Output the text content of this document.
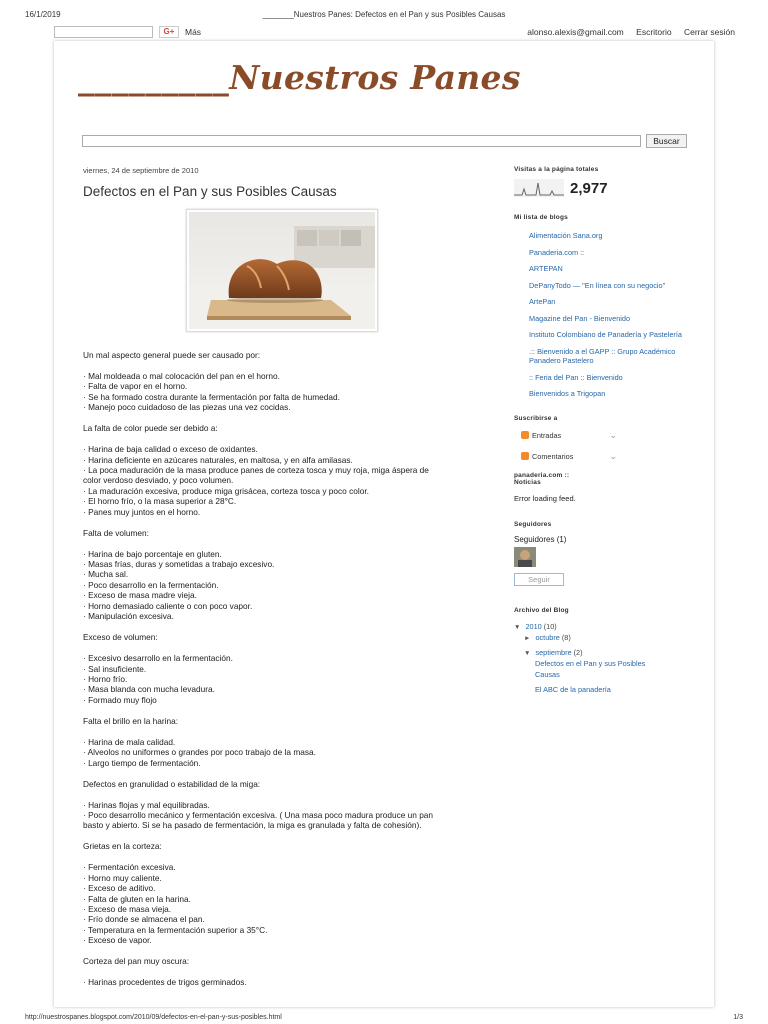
16/1/2019	_______Nuestros Panes: Defectos en el Pan y sus Posibles Causas
G+	Más	alonso.alexis@gmail.com Escritorio Cerrar sesión
_________Nuestros Panes
Buscar
viernes, 24 de septiembre de 2010
Defectos en el Pan y sus Posibles Causas
Un mal aspecto general puede ser causado por:
· Mal moldeada o mal colocación del pan en el horno.
· Falta de vapor en el horno.
· Se ha formado costra durante la fermentación por falta de humedad.
· Manejo poco cuidadoso de las piezas una vez cocidas.
La falta de color puede ser debido a:
· Harina de baja calidad o exceso de oxidantes.
· Harina deficiente en azúcares naturales, en maltosa, y en alfa amilasas.
· La poca maduración de la masa produce panes de corteza tosca y muy roja, miga áspera de
color verdoso desviado, y poco volumen.
· La maduración excesiva, produce miga grisácea, corteza tosca y poco color.
· El horno frío, o la masa superior a 28°C.
· Panes muy juntos en el horno.
Falta de volumen:
· Harina de bajo porcentaje en gluten.
· Masas frías, duras y sometidas a trabajo excesivo.
· Mucha sal.
· Poco desarrollo en la fermentación.
· Exceso de masa madre vieja.
· Horno demasiado caliente o con poco vapor.
· Manipulación excesiva.
Exceso de volumen:
· Excesivo desarrollo en la fermentación.
· Sal insuficiente.
· Horno frío.
· Masa blanda con mucha levadura.
· Formado muy flojo
Falta el brillo en la harina:
· Harina de mala calidad.
· Alveolos no uniformes o grandes por poco trabajo de la masa.
· Largo tiempo de fermentación.
Defectos en granulidad o estabilidad de la miga:
· Harinas flojas y mal equilibradas.
· Poco desarrollo mecánico y fermentación excesiva. ( Una masa poco madura produce un pan
basto y abierto. Si se ha pasado de fermentación, la miga es granulada y falta de cohesión).
Grietas en la corteza:
· Fermentación excesiva.
· Horno muy caliente.
· Exceso de aditivo.
· Falta de gluten en la harina.
· Exceso de masa vieja.
· Frío donde se almacena el pan.
· Temperatura en la fermentación superior a 35°C.
· Exceso de vapor.
Corteza del pan muy oscura:
· Harinas procedentes de trigos germinados.
Visitas a la página totales
2,977
Mi lista de blogs
Alimentación Sana.org
Panaderia.com ::
ARTEPAN
DePanyTodo — "En línea con su negocio"
ArtePan
Magazine del Pan - Bienvenido
Instituto Colombiano de Panadería y Pastelería
.:: Bienvenido a el GAPP :: Grupo Académico Panadero Pastelero
:: Feria del Pan :: Bienvenido
Bienvenidos a Trigopan
Suscribirse a
Entradas	⌄
Comentarios	⌄
panaderia.com :: Noticias
Error loading feed.
Seguidores
Seguidores (1)
Seguir
Archivo del Blog
▼ 2010 (10)
► octubre (8)
▼ septiembre (2)
Defectos en el Pan y sus Posibles Causas
El ABC de la panadería
http://nuestrospanes.blogspot.com/2010/09/defectos-en-el-pan-y-sus-posibles.html	1/3
